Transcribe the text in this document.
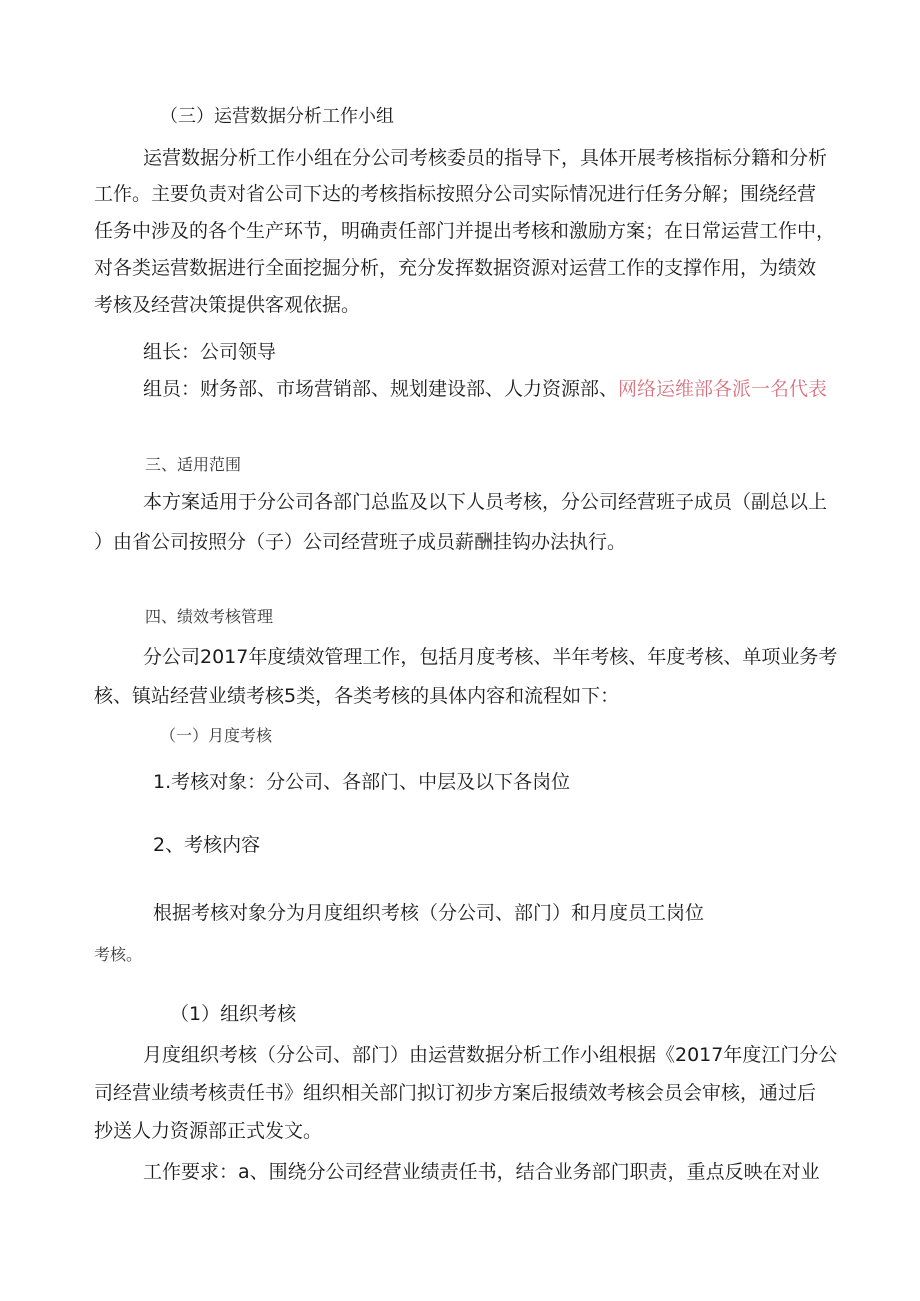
（三）运营数据分析工作小组
运营数据分析工作小组在分公司考核委员的指导下，具体开展考核指标分籍和分析
工作。主要负责对省公司下达的考核指标按照分公司实际情况进行任务分解；围绕经营
任务中涉及的各个生产环节，明确责任部门并提出考核和激励方案；在日常运营工作中，
对各类运营数据进行全面挖掘分析，充分发挥数据资源对运营工作的支撑作用，为绩效
考核及经营决策提供客观依据。
组长：公司领导
组员：财务部、市场营销部、规划建设部、人力资源部、网络运维部各派一名代表
三、适用范围
本方案适用于分公司各部门总监及以下人员考核，分公司经营班子成员（副总以上
）由省公司按照分（子）公司经营班子成员薪酬挂钩办法执行。
四、绩效考核管理
分公司2017年度绩效管理工作，包括月度考核、半年考核、年度考核、单项业务考
核、镇站经营业绩考核5类，各类考核的具体内容和流程如下：
（一）月度考核
1.考核对象：分公司、各部门、中层及以下各岗位
2、考核内容
根据考核对象分为月度组织考核（分公司、部门）和月度员工岗位
考核。
（1）组织考核
月度组织考核（分公司、部门）由运营数据分析工作小组根据《2017年度江门分公
司经营业绩考核责任书》组织相关部门拟订初步方案后报绩效考核会员会审核，通过后
抄送人力资源部正式发文。
工作要求：a、围绕分公司经营业绩责任书，结合业务部门职责，重点反映在对业
